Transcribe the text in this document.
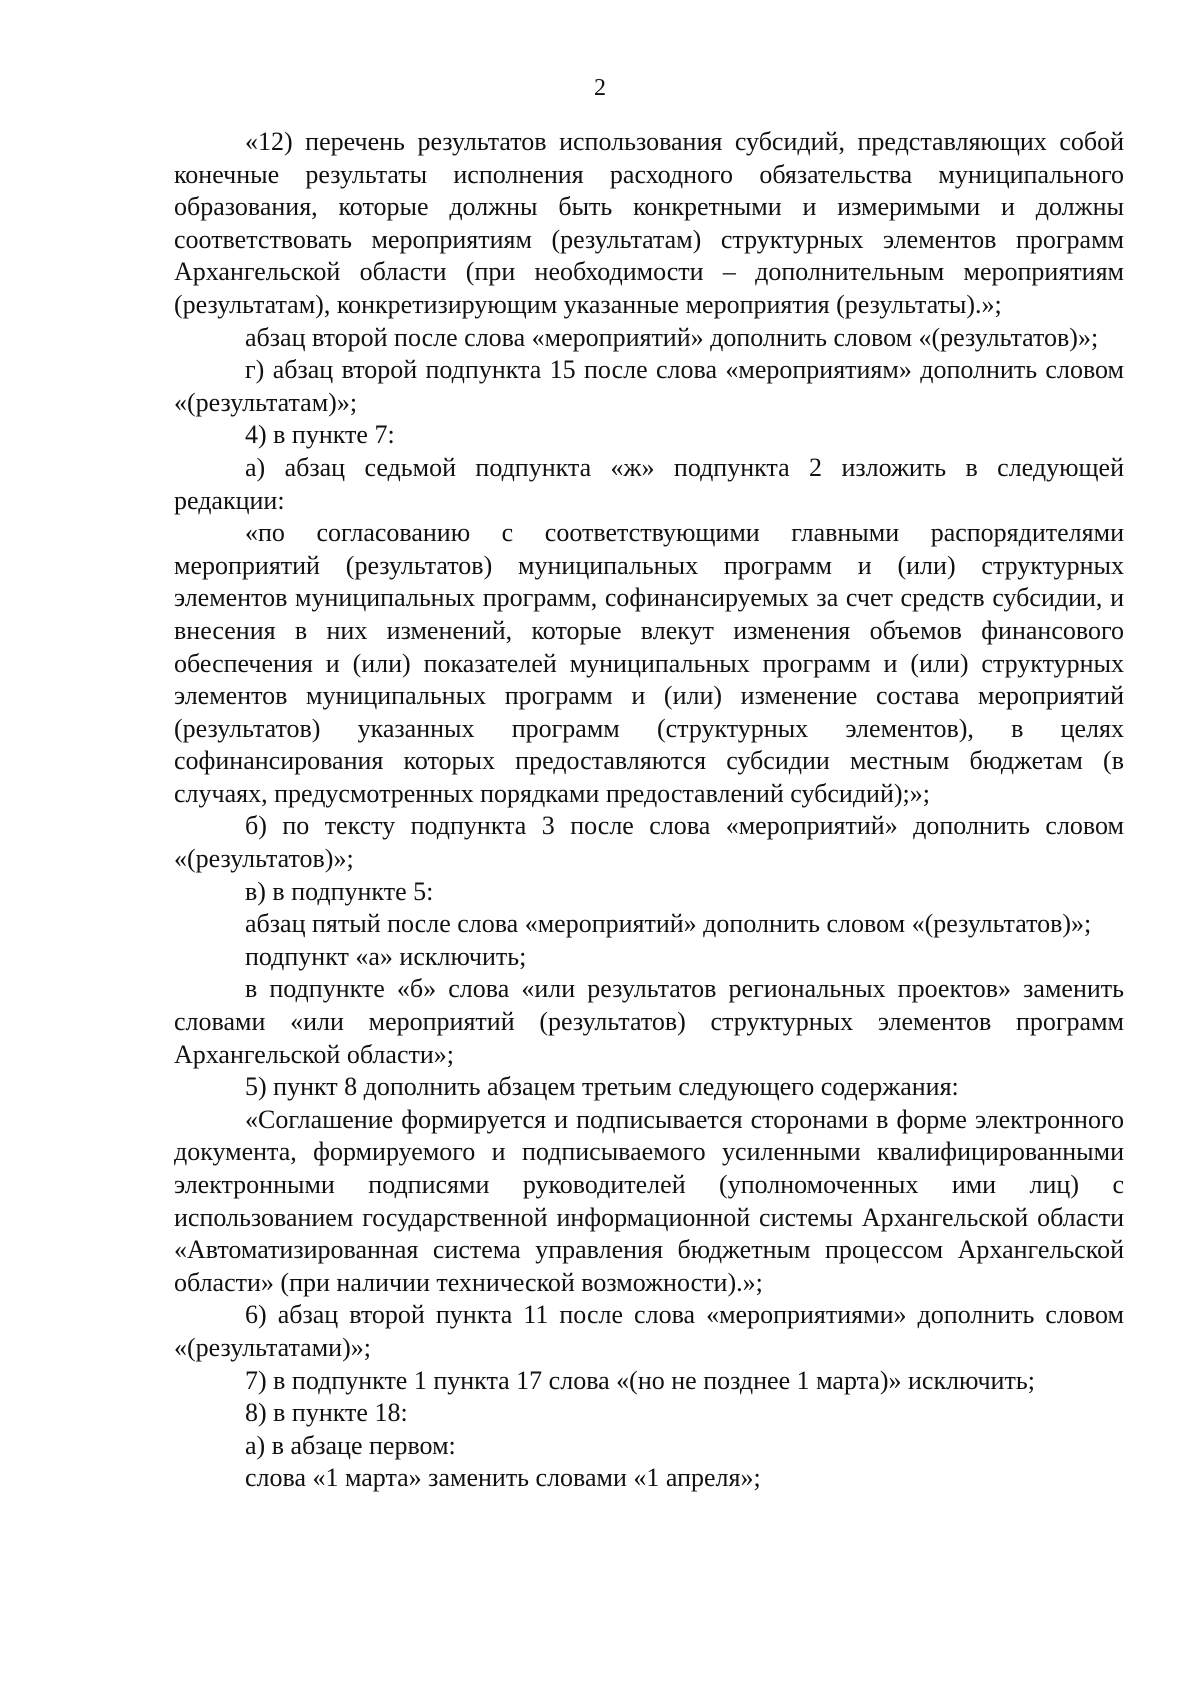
2

«12) перечень результатов использования субсидий, представляющих собой конечные результаты исполнения расходного обязательства муниципального образования, которые должны быть конкретными и измеримыми и должны соответствовать мероприятиям (результатам) структурных элементов программ Архангельской области (при необходимости – дополнительным мероприятиям (результатам), конкретизирующим указанные мероприятия (результаты).»;

абзац второй после слова «мероприятий» дополнить словом «(результатов)»;

г) абзац второй подпункта 15 после слова «мероприятиям» дополнить словом «(результатам)»;

4) в пункте 7:

а) абзац седьмой подпункта «ж» подпункта 2 изложить в следующей редакции:

«по согласованию с соответствующими главными распорядителями мероприятий (результатов) муниципальных программ и (или) структурных элементов муниципальных программ, софинансируемых за счет средств субсидии, и внесения в них изменений, которые влекут изменения объемов финансового обеспечения и (или) показателей муниципальных программ и (или) структурных элементов муниципальных программ и (или) изменение состава мероприятий (результатов) указанных программ (структурных элементов), в целях софинансирования которых предоставляются субсидии местным бюджетам (в случаях, предусмотренных порядками предоставлений субсидий);»;

б) по тексту подпункта 3 после слова «мероприятий» дополнить словом «(результатов)»;

в) в подпункте 5:

абзац пятый после слова «мероприятий» дополнить словом «(результатов)»;

подпункт «а» исключить;

в подпункте «б» слова «или результатов региональных проектов» заменить словами «или мероприятий (результатов) структурных элементов программ Архангельской области»;

5) пункт 8 дополнить абзацем третьим следующего содержания:

«Соглашение формируется и подписывается сторонами в форме электронного документа, формируемого и подписываемого усиленными квалифицированными электронными подписями руководителей (уполномоченных ими лиц) с использованием государственной информационной системы Архангельской области «Автоматизированная система управления бюджетным процессом Архангельской области» (при наличии технической возможности).»;

6) абзац второй пункта 11 после слова «мероприятиями» дополнить словом «(результатами)»;

7) в подпункте 1 пункта 17 слова «(но не позднее 1 марта)» исключить;

8) в пункте 18:

а) в абзаце первом:

слова «1 марта» заменить словами «1 апреля»;
